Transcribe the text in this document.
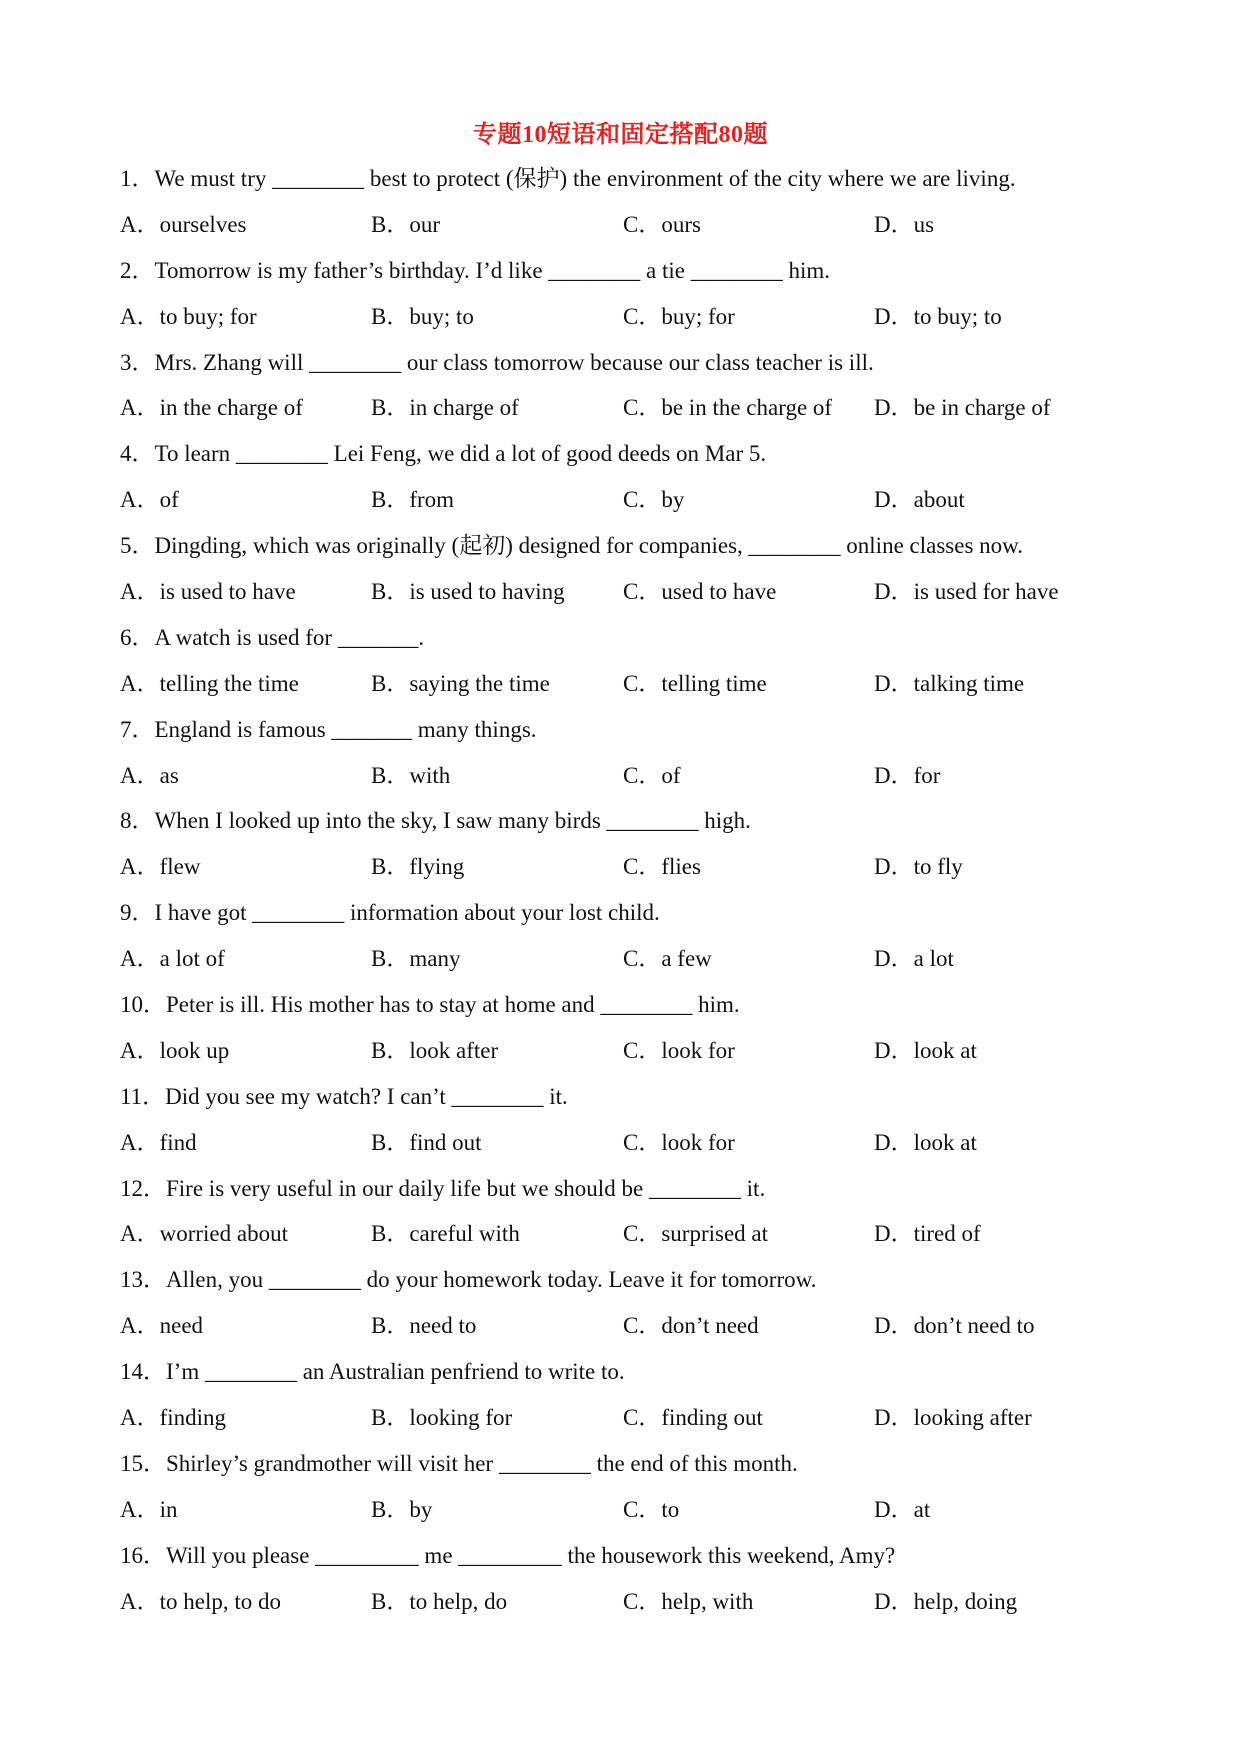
专题10短语和固定搭配80题
1．We must try ________ best to protect (保护) the environment of the city where we are living.
A．ourselves	B．our	C．ours	D．us
2．Tomorrow is my father’s birthday. I’d like ________ a tie ________ him.
A．to buy; for	B．buy; to	C．buy; for	D．to buy; to
3．Mrs. Zhang will ________ our class tomorrow because our class teacher is ill.
A．in the charge of	B．in charge of	C．be in the charge of D．be in charge of
4．To learn ________ Lei Feng, we did a lot of good deeds on Mar 5.
A．of	B．from	C．by	D．about
5．Dingding, which was originally (起初) designed for companies, ________ online classes now.
A．is used to have	B．is used to having	C．used to have	D．is used for have
6．A watch is used for _______.
A．telling the time	B．saying the time	C．telling time	D．talking time
7．England is famous _______ many things.
A．as	B．with	C．of	D．for
8．When I looked up into the sky, I saw many birds ________ high.
A．flew	B．flying	C．flies	D．to fly
9．I have got ________ information about your lost child.
A．a lot of	B．many	C．a few	D．a lot
10．Peter is ill. His mother has to stay at home and ________ him.
A．look up	B．look after	C．look for	D．look at
11．Did you see my watch? I can’t ________ it.
A．find	B．find out	C．look for	D．look at
12．Fire is very useful in our daily life but we should be ________ it.
A．worried about	B．careful with	C．surprised at	D．tired of
13．Allen, you ________ do your homework today. Leave it for tomorrow.
A．need	B．need to	C．don’t need	D．don’t need to
14．I’m ________ an Australian penfriend to write to.
A．finding	B．looking for	C．finding out	D．looking after
15．Shirley’s grandmother will visit her ________ the end of this month.
A．in	B．by	C．to	D．at
16．Will you please _________ me _________ the housework this weekend, Amy?
A．to help, to do	B．to help, do	C．help, with	D．help, doing
